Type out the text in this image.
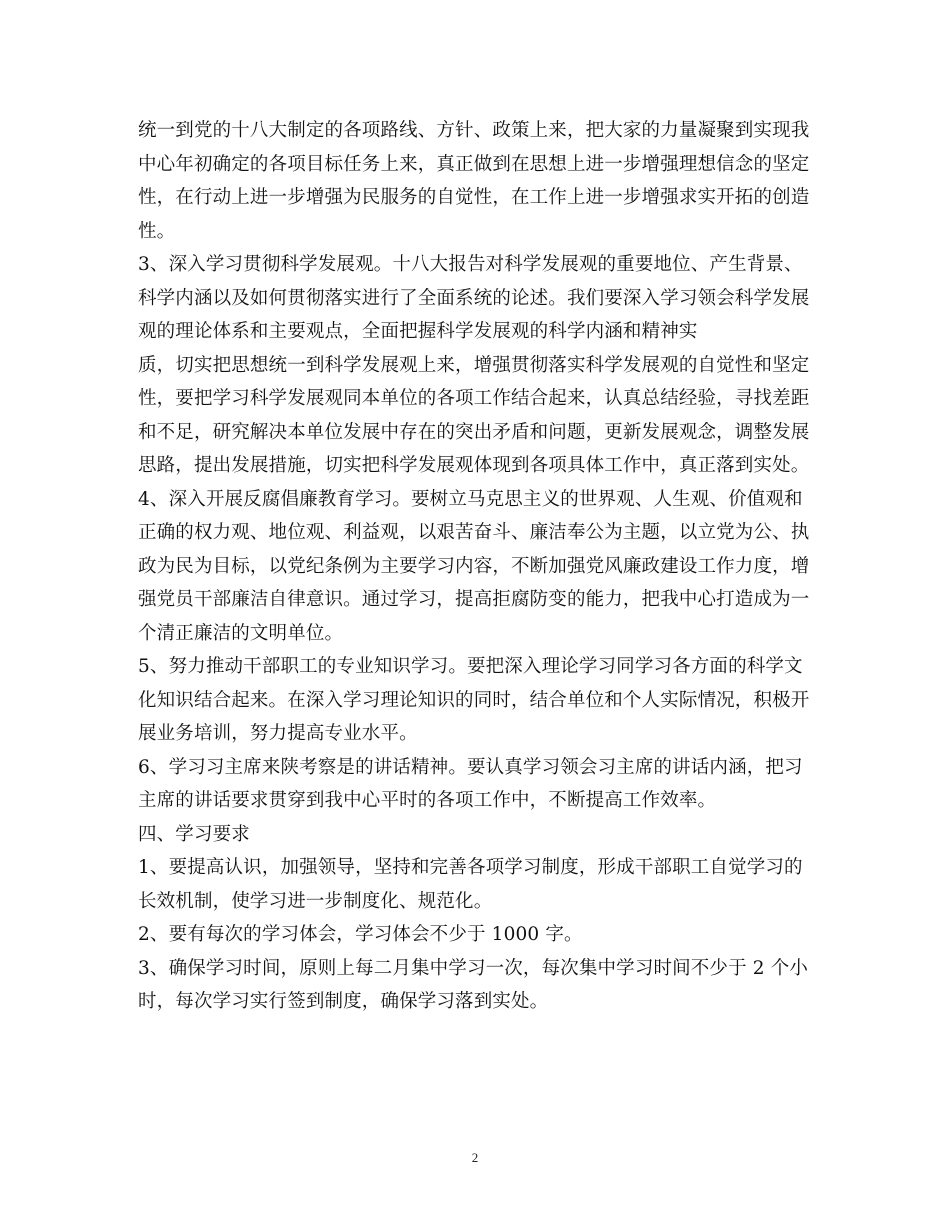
统一到党的十八大制定的各项路线、方针、政策上来，把大家的力量凝聚到实现我
中心年初确定的各项目标任务上来，真正做到在思想上进一步增强理想信念的坚定
性，在行动上进一步增强为民服务的自觉性，在工作上进一步增强求实开拓的创造
性。
3、深入学习贯彻科学发展观。十八大报告对科学发展观的重要地位、产生背景、
科学内涵以及如何贯彻落实进行了全面系统的论述。我们要深入学习领会科学发展
观的理论体系和主要观点，全面把握科学发展观的科学内涵和精神实
质，切实把思想统一到科学发展观上来，增强贯彻落实科学发展观的自觉性和坚定
性，要把学习科学发展观同本单位的各项工作结合起来，认真总结经验，寻找差距
和不足，研究解决本单位发展中存在的突出矛盾和问题，更新发展观念，调整发展
思路，提出发展措施，切实把科学发展观体现到各项具体工作中，真正落到实处。
4、深入开展反腐倡廉教育学习。要树立马克思主义的世界观、人生观、价值观和
正确的权力观、地位观、利益观，以艰苦奋斗、廉洁奉公为主题，以立党为公、执
政为民为目标，以党纪条例为主要学习内容，不断加强党风廉政建设工作力度，增
强党员干部廉洁自律意识。通过学习，提高拒腐防变的能力，把我中心打造成为一
个清正廉洁的文明单位。
5、努力推动干部职工的专业知识学习。要把深入理论学习同学习各方面的科学文
化知识结合起来。在深入学习理论知识的同时，结合单位和个人实际情况，积极开
展业务培训，努力提高专业水平。
6、学习习主席来陕考察是的讲话精神。要认真学习领会习主席的讲话内涵，把习
主席的讲话要求贯穿到我中心平时的各项工作中，不断提高工作效率。
四、学习要求
1、要提高认识，加强领导，坚持和完善各项学习制度，形成干部职工自觉学习的
长效机制，使学习进一步制度化、规范化。
2、要有每次的学习体会，学习体会不少于 1000 字。
3、确保学习时间，原则上每二月集中学习一次，每次集中学习时间不少于 2 个小
时，每次学习实行签到制度，确保学习落到实处。
2
